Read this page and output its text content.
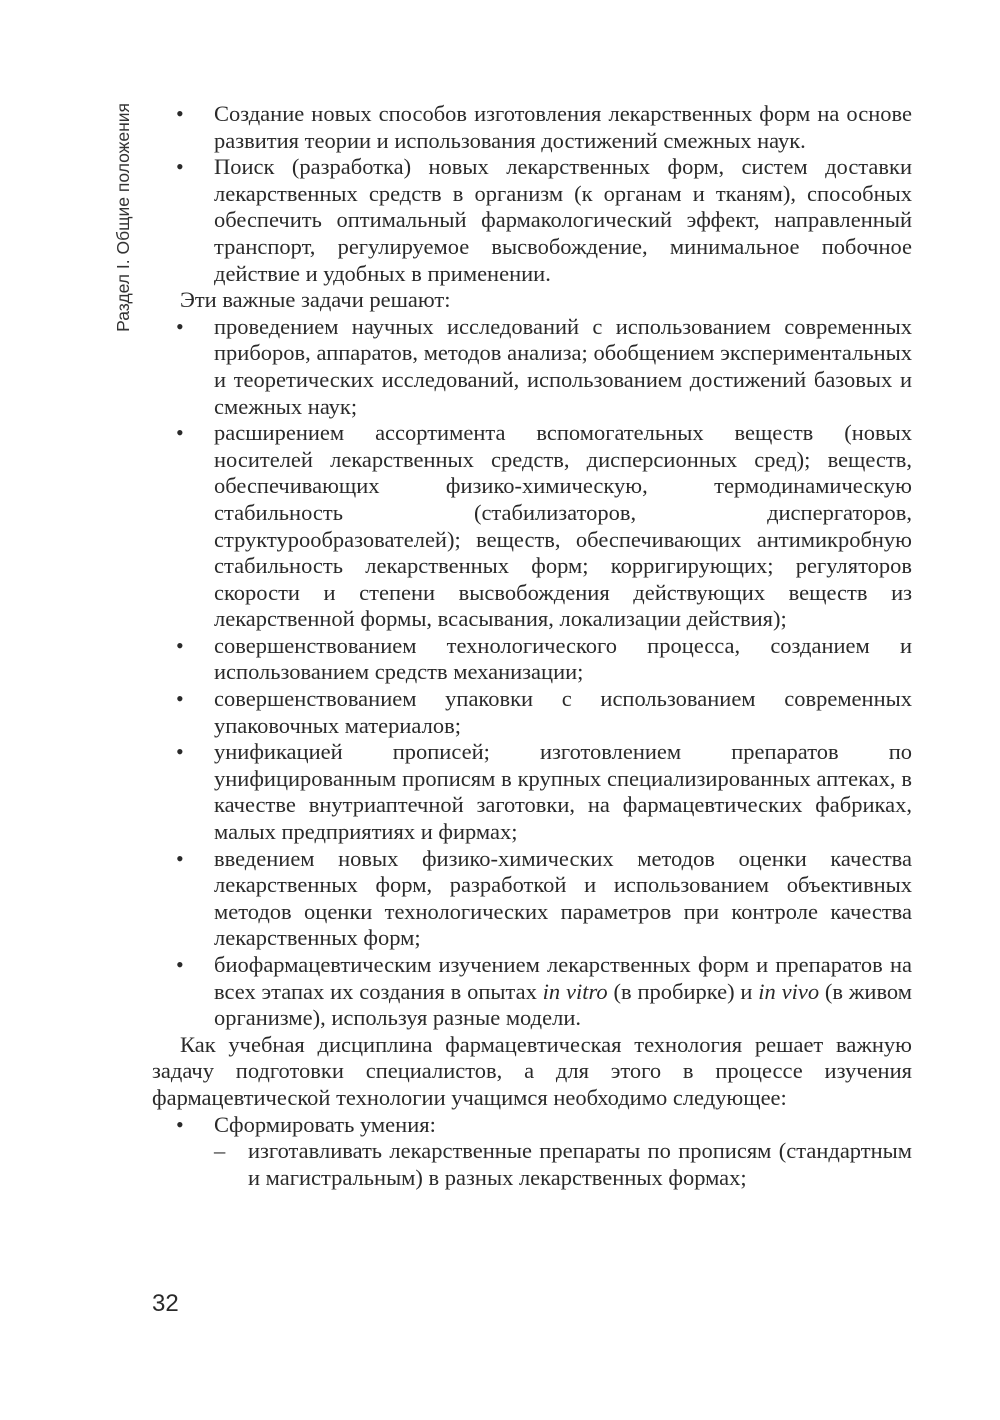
Раздел I. Общие положения • Создание новых способов изготовления лекарственных форм на основе развития теории и использования достижений смежных наук.
• Поиск (разработка) новых лекарственных форм, систем доставки лекарственных средств в организм (к органам и тканям), способных обеспечить оптимальный фармакологический эффект, направленный транспорт, регулируемое высвобождение, минимальное побочное действие и удобных в применении.

Эти важные задачи решают:

• проведением научных исследований с использованием современных приборов, аппаратов, методов анализа; обобщением экспериментальных и теоретических исследований, использованием достижений базовых и смежных наук;
• расширением ассортимента вспомогательных веществ (новых носителей лекарственных средств, дисперсионных сред); веществ, обеспечивающих физико-химическую, термодинамическую стабильность (стабилизаторов, диспергаторов, структурообразователей); веществ, обеспечивающих антимикробную стабильность лекарственных форм; корригирующих; регуляторов скорости и степени высвобождения действующих веществ из лекарственной формы, всасывания, локализации действия);
• совершенствованием технологического процесса, созданием и использованием средств механизации;
• совершенствованием упаковки с использованием современных упаковочных материалов;
• унификацией прописей; изготовлением препаратов по унифицированным прописям в крупных специализированных аптеках, в качестве внутриаптечной заготовки, на фармацевтических фабриках, малых предприятиях и фирмах;
• введением новых физико-химических методов оценки качества лекарственных форм, разработкой и использованием объективных методов оценки технологических параметров при контроле качества лекарственных форм;
• биофармацевтическим изучением лекарственных форм и препаратов на всех этапах их создания в опытах in vitro (в пробирке) и in vivo (в живом организме), используя разные модели.

Как учебная дисциплина фармацевтическая технология решает важную задачу подготовки специалистов, а для этого в процессе изучения фармацевтической технологии учащимся необходимо следующее:

• Сформировать умения:
– изготавливать лекарственные препараты по прописям (стандартным и магистральным) в разных лекарственных формах;
32
